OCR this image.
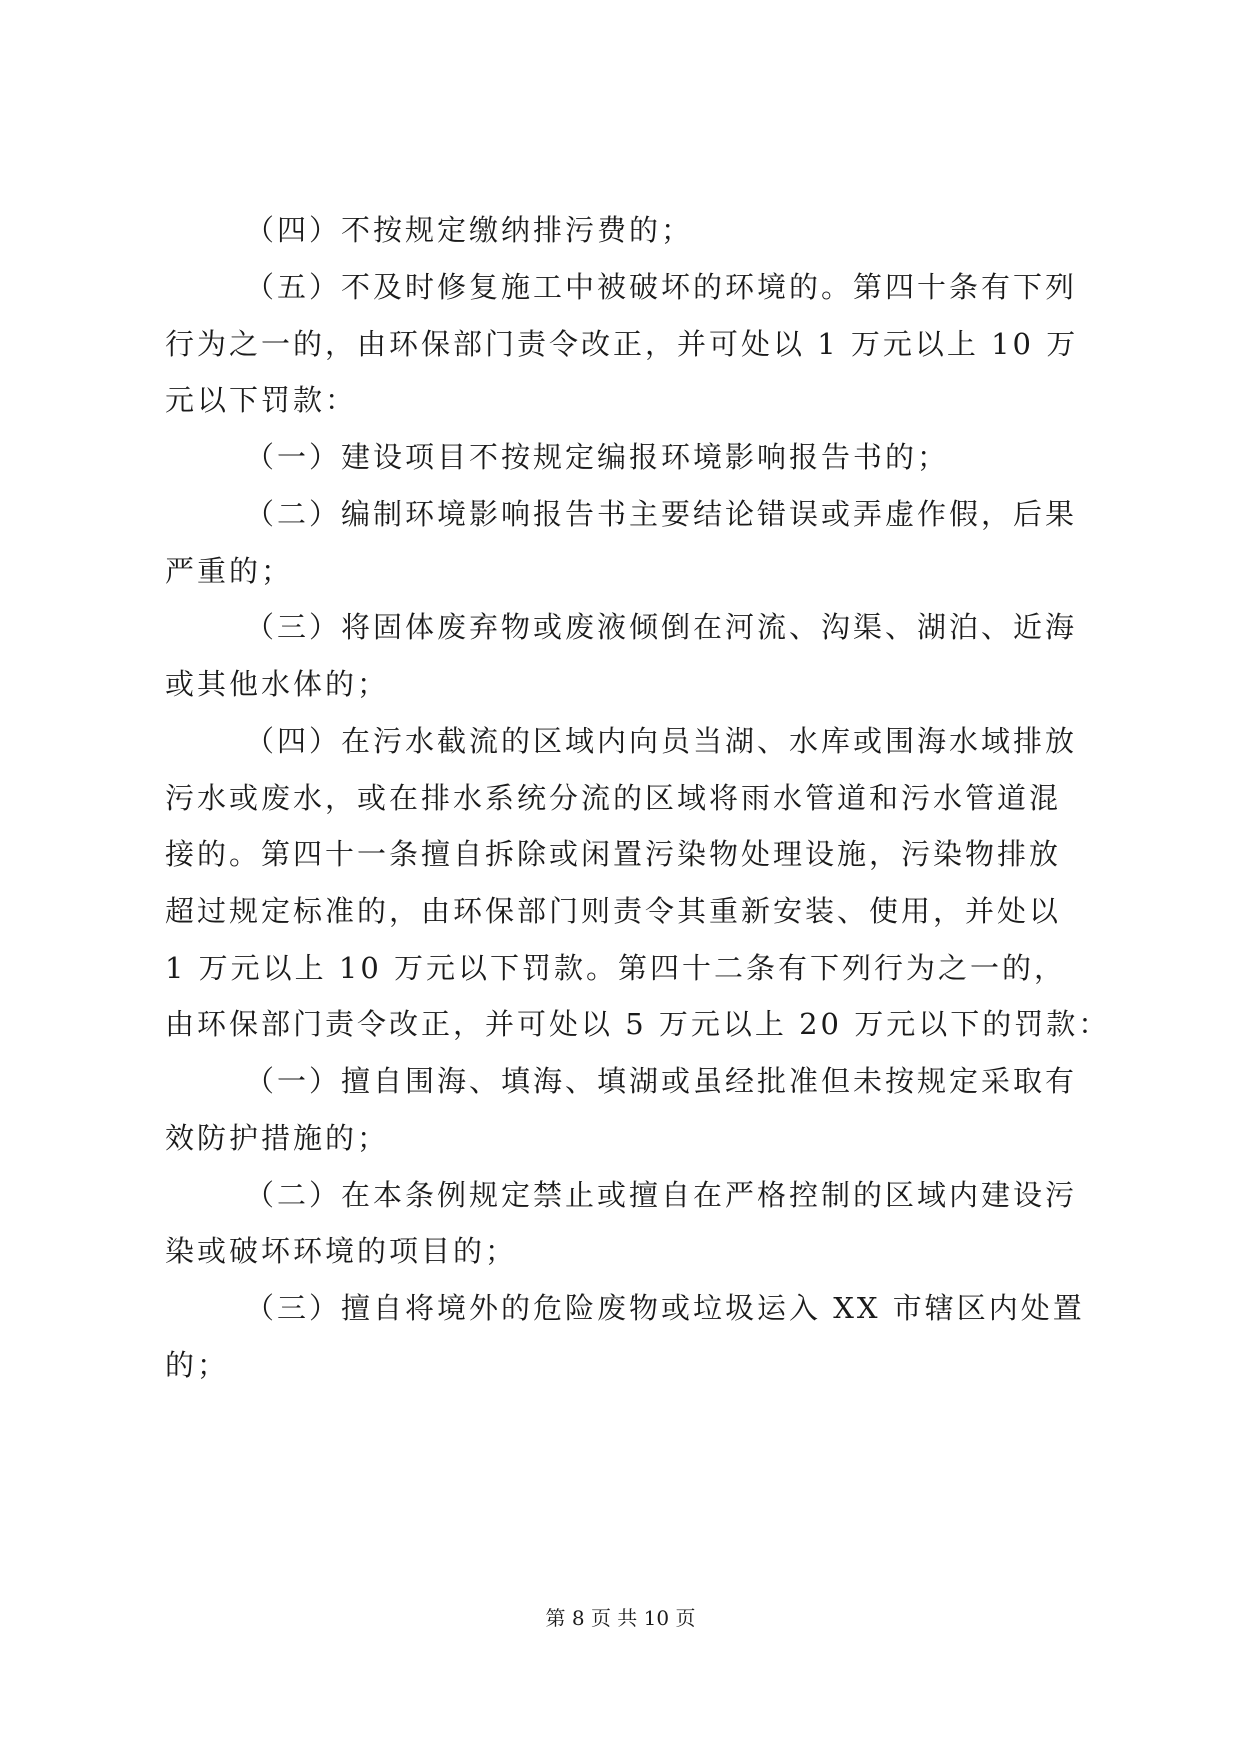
（四）不按规定缴纳排污费的；
（五）不及时修复施工中被破坏的环境的。第四十条有下列
行为之一的，由环保部门责令改正，并可处以 1 万元以上 10 万
元以下罚款：
（一）建设项目不按规定编报环境影响报告书的；
（二）编制环境影响报告书主要结论错误或弄虚作假，后果
严重的；
（三）将固体废弃物或废液倾倒在河流、沟渠、湖泊、近海
或其他水体的；
（四）在污水截流的区域内向员当湖、水库或围海水域排放
污水或废水，或在排水系统分流的区域将雨水管道和污水管道混
接的。第四十一条擅自拆除或闲置污染物处理设施，污染物排放
超过规定标准的，由环保部门则责令其重新安装、使用，并处以
1 万元以上 10 万元以下罚款。第四十二条有下列行为之一的，
由环保部门责令改正，并可处以 5 万元以上 20 万元以下的罚款：
（一）擅自围海、填海、填湖或虽经批准但未按规定采取有
效防护措施的；
（二）在本条例规定禁止或擅自在严格控制的区域内建设污
染或破坏环境的项目的；
（三）擅自将境外的危险废物或垃圾运入 XX 市辖区内处置
的；
第 8 页 共 10 页
